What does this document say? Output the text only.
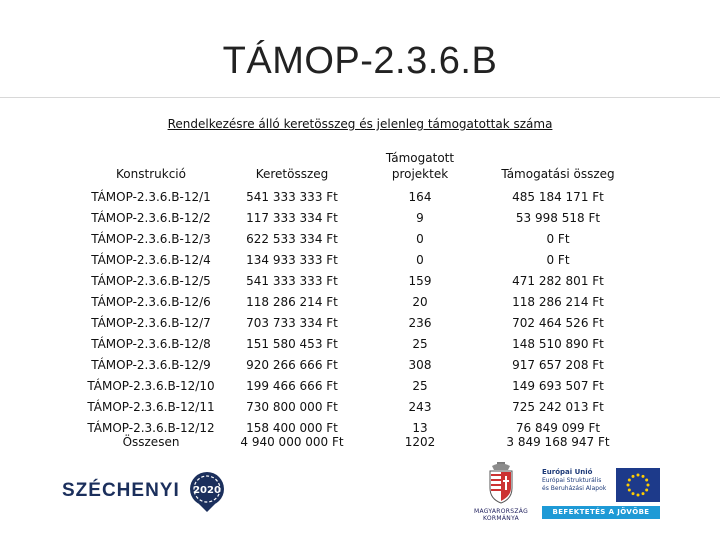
TÁMOP-2.3.6.B
Rendelkezésre álló keretösszeg és jelenleg támogatottak száma
Konstrukció	Keretösszeg	Támogatott
projektek	Támogatási összeg
TÁMOP-2.3.6.B-12/1	541 333 333 Ft	164	485 184 171 Ft
TÁMOP-2.3.6.B-12/2	117 333 334 Ft	9	53 998 518 Ft
TÁMOP-2.3.6.B-12/3	622 533 334 Ft	0	0 Ft
TÁMOP-2.3.6.B-12/4	134 933 333 Ft	0	0 Ft
TÁMOP-2.3.6.B-12/5	541 333 333 Ft	159	471 282 801 Ft
TÁMOP-2.3.6.B-12/6	118 286 214 Ft	20	118 286 214 Ft
TÁMOP-2.3.6.B-12/7	703 733 334 Ft	236	702 464 526 Ft
TÁMOP-2.3.6.B-12/8	151 580 453 Ft	25	148 510 890 Ft
TÁMOP-2.3.6.B-12/9	920 266 666 Ft	308	917 657 208 Ft
TÁMOP-2.3.6.B-12/10	199 466 666 Ft	25	149 693 507 Ft
TÁMOP-2.3.6.B-12/11	730 800 000 Ft	243	725 242 013 Ft
TÁMOP-2.3.6.B-12/12	158 400 000 Ft	13	76 849 099 Ft
Összesen	4 940 000 000 Ft	1202	3 849 168 947 Ft
SZÉCHENYI 2020
MAGYARORSZÁG
KORMÁNYA
Európai Unió
Európai Strukturális
és Beruházási Alapok
BEFEKTETÉS A JÖVŐBE
